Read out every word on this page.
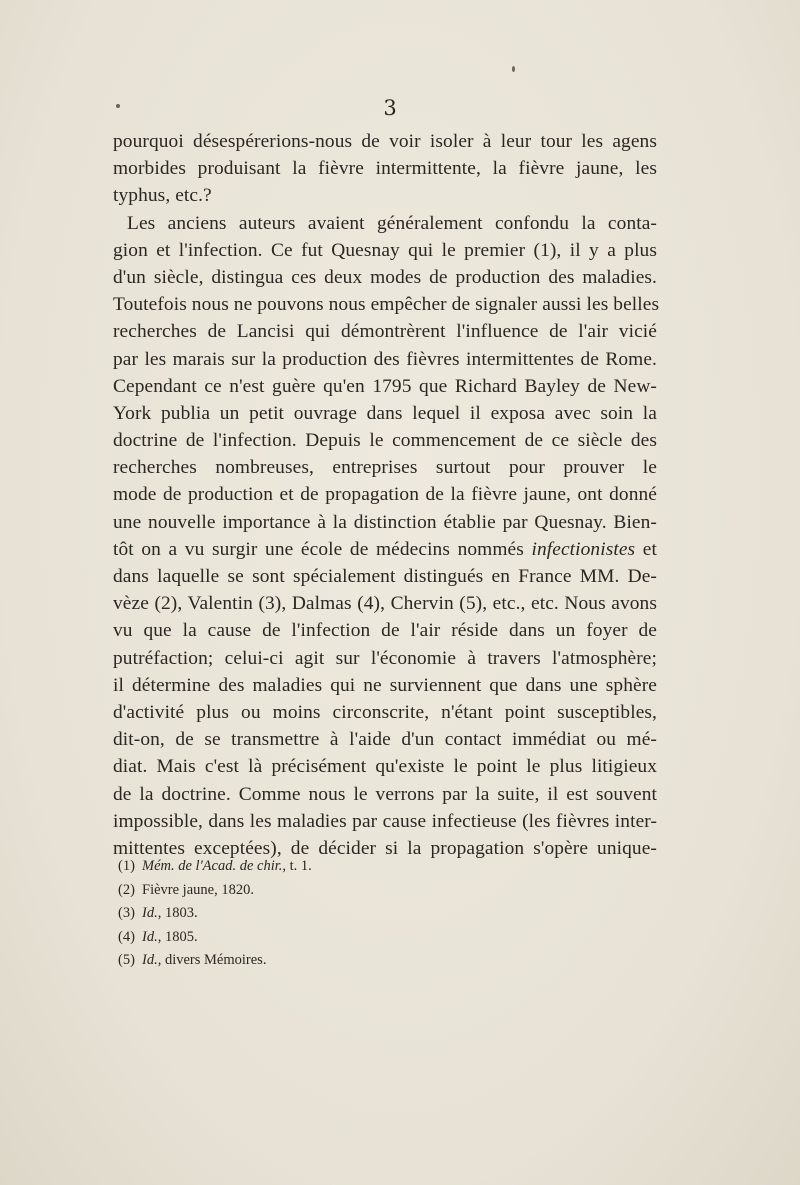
3
pourquoi désespérerions-nous de voir isoler à leur tour les agens
morbides produisant la fièvre intermittente, la fièvre jaune, les
typhus, etc.?
Les anciens auteurs avaient généralement confondu la conta-
gion et l'infection. Ce fut Quesnay qui le premier (1), il y a plus
d'un siècle, distingua ces deux modes de production des maladies.
Toutefois nous ne pouvons nous empêcher de signaler aussi les belles
recherches de Lancisi qui démontrèrent l'influence de l'air vicié
par les marais sur la production des fièvres intermittentes de Rome.
Cependant ce n'est guère qu'en 1795 que Richard Bayley de New-
York publia un petit ouvrage dans lequel il exposa avec soin la
doctrine de l'infection. Depuis le commencement de ce siècle des
recherches nombreuses, entreprises surtout pour prouver le
mode de production et de propagation de la fièvre jaune, ont donné
une nouvelle importance à la distinction établie par Quesnay. Bien-
tôt on a vu surgir une école de médecins nommés infectionistes et
dans laquelle se sont spécialement distingués en France MM. De-
vèze (2), Valentin (3), Dalmas (4), Chervin (5), etc., etc. Nous avons
vu que la cause de l'infection de l'air réside dans un foyer de
putréfaction; celui-ci agit sur l'économie à travers l'atmosphère;
il détermine des maladies qui ne surviennent que dans une sphère
d'activité plus ou moins circonscrite, n'étant point susceptibles,
dit-on, de se transmettre à l'aide d'un contact immédiat ou mé-
diat. Mais c'est là précisément qu'existe le point le plus litigieux
de la doctrine. Comme nous le verrons par la suite, il est souvent
impossible, dans les maladies par cause infectieuse (les fièvres inter-
mittentes exceptées), de décider si la propagation s'opère unique-
(1) Mém. de l'Acad. de chir., t. 1.
(2) Fièvre jaune, 1820.
(3) Id., 1803.
(4) Id., 1805.
(5) Id., divers Mémoires.
